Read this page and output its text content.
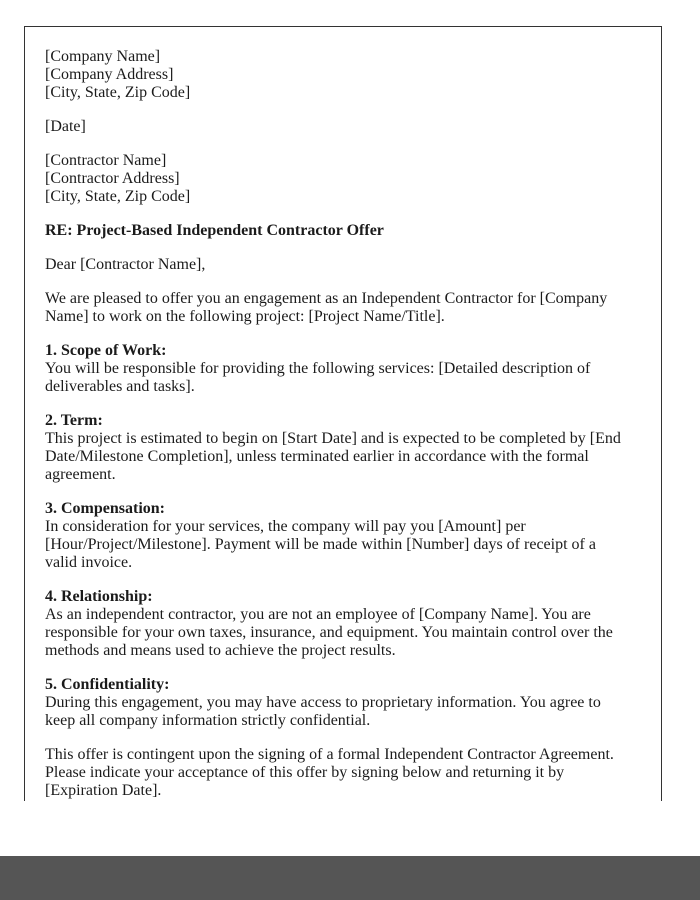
[Company Name]
[Company Address]
[City, State, Zip Code]
[Date]
[Contractor Name]
[Contractor Address]
[City, State, Zip Code]
RE: Project-Based Independent Contractor Offer
Dear [Contractor Name],
We are pleased to offer you an engagement as an Independent Contractor for [Company Name] to work on the following project: [Project Name/Title].
1. Scope of Work:
You will be responsible for providing the following services: [Detailed description of deliverables and tasks].
2. Term:
This project is estimated to begin on [Start Date] and is expected to be completed by [End Date/Milestone Completion], unless terminated earlier in accordance with the formal agreement.
3. Compensation:
In consideration for your services, the company will pay you [Amount] per [Hour/Project/Milestone]. Payment will be made within [Number] days of receipt of a valid invoice.
4. Relationship:
As an independent contractor, you are not an employee of [Company Name]. You are responsible for your own taxes, insurance, and equipment. You maintain control over the methods and means used to achieve the project results.
5. Confidentiality:
During this engagement, you may have access to proprietary information. You agree to keep all company information strictly confidential.
This offer is contingent upon the signing of a formal Independent Contractor Agreement. Please indicate your acceptance of this offer by signing below and returning it by [Expiration Date].
